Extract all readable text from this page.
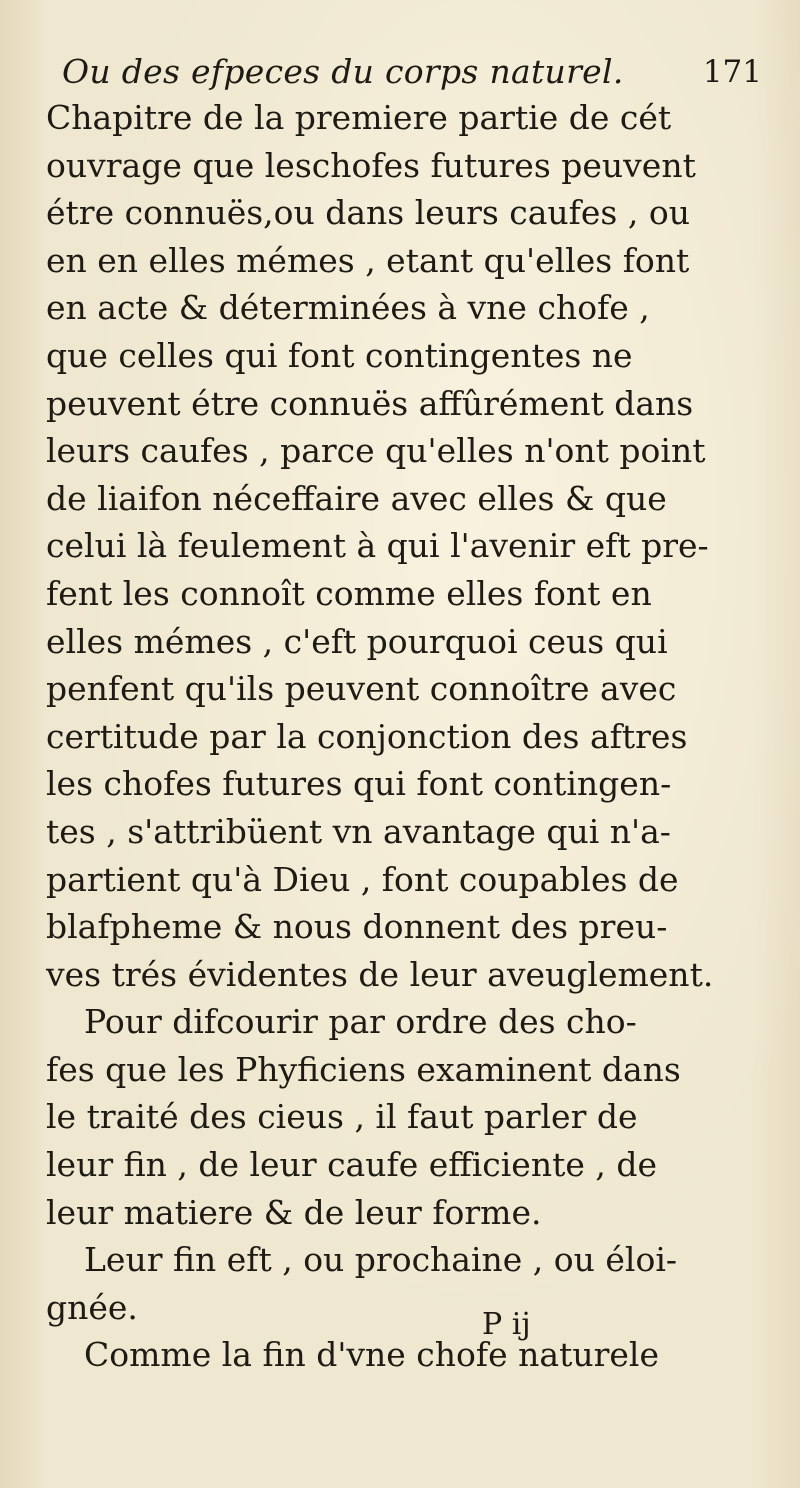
Ou des efpeces du corps naturel.	171
Chapitre de la premiere partie de cét
ouvrage que leschofes futures peuvent
étre connuës,ou dans leurs caufes , ou
en en elles mémes , etant qu'elles font
en acte & déterminées à vne chofe ,
que celles qui font contingentes ne
peuvent étre connuës affûrément dans
leurs caufes , parce qu'elles n'ont point
de liaifon néceffaire avec elles & que
celui là feulement à qui l'avenir eft pre-
fent les connoît comme elles font en
elles mémes , c'eft pourquoi ceus qui
penfent qu'ils peuvent connoître avec
certitude par la conjonction des aftres
les chofes futures qui font contingen-
tes , s'attribüent vn avantage qui n'a-
partient qu'à Dieu , font coupables de
blafpheme & nous donnent des preu-
ves trés évidentes de leur aveuglement.
Pour difcourir par ordre des cho-
fes que les Phyficiens examinent dans
le traité des cieus , il faut parler de
leur fin , de leur caufe efficiente , de
leur matiere & de leur forme.
Leur fin eft , ou prochaine , ou éloi-
gnée.
Comme la fin d'vne chofe naturele
P ij
